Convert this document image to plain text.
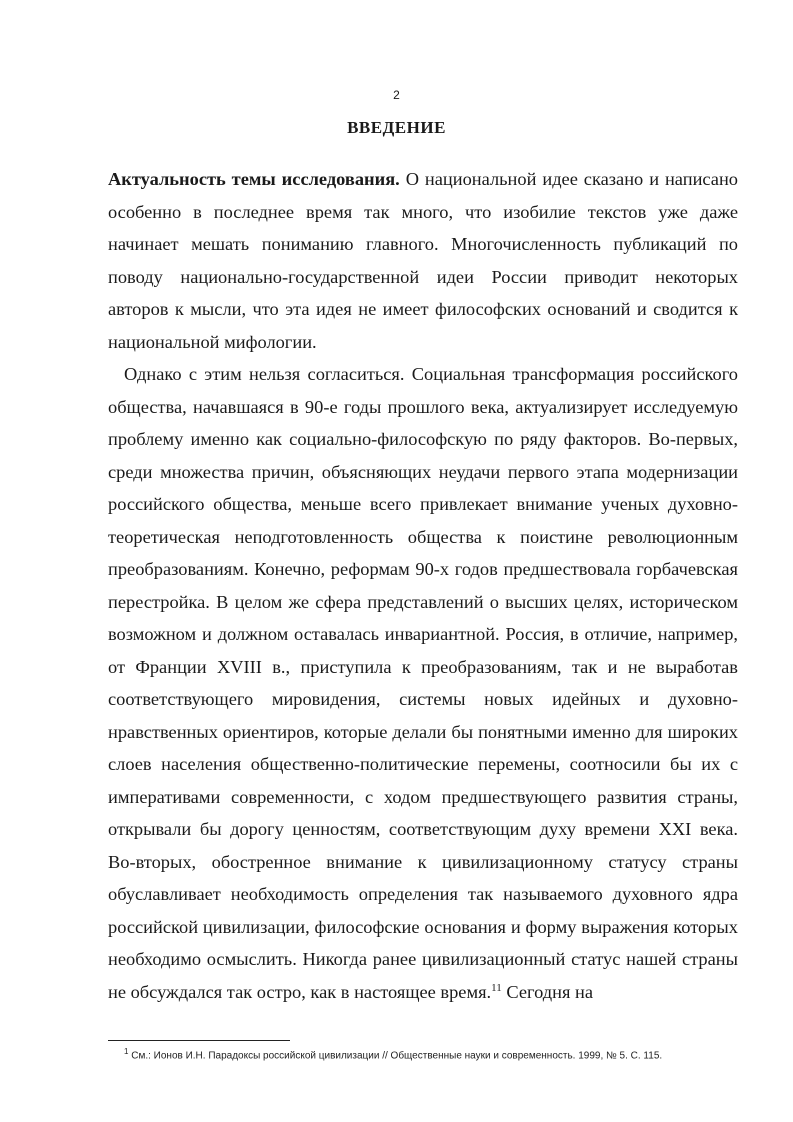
2
ВВЕДЕНИЕ

Актуальность темы исследования. О национальной идее сказано и написано особенно в последнее время так много, что изобилие текстов уже даже начинает мешать пониманию главного. Многочисленность публикаций по поводу национально-государственной идеи России приводит некоторых авторов к мысли, что эта идея не имеет философских оснований и сводится к национальной мифологии.

Однако с этим нельзя согласиться. Социальная трансформация российского общества, начавшаяся в 90-е годы прошлого века, актуализирует исследуемую проблему именно как социально-философскую по ряду факторов. Во-первых, среди множества причин, объясняющих неудачи первого этапа модернизации российского общества, меньше всего привлекает внимание ученых духовно-теоретическая неподготовленность общества к поистине революционным преобразованиям. Конечно, реформам 90-х годов предшествовала горбачевская перестройка. В целом же сфера представлений о высших целях, историческом возможном и должном оставалась инвариантной. Россия, в отличие, например, от Франции XVIII в., приступила к преобразованиям, так и не выработав соответствующего мировидения, системы новых идейных и духовно-нравственных ориентиров, которые делали бы понятными именно для широких слоев населения общественно-политические перемены, соотносили бы их с императивами современности, с ходом предшествующего развития страны, открывали бы дорогу ценностям, соответствующим духу времени XXI века. Во-вторых, обостренное внимание к цивилизационному статусу страны обуславливает необходимость определения так называемого духовного ядра российской цивилизации, философские основания и форму выражения которых необходимо осмыслить. Никогда ранее цивилизационный статус нашей страны не обсуждался так остро, как в настоящее время.$^{11}$ Сегодня на

$^1$ См.: Ионов И.Н. Парадоксы российской цивилизации // Общественные науки и современность. 1999, № 5. С. 115.
